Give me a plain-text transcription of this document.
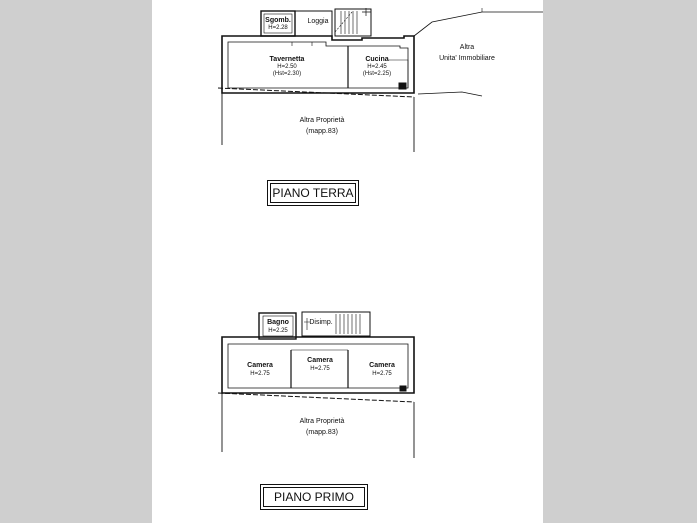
Sgomb.
H=2.28
Loggia
Tavernetta
H=2.50
(Hst=2.30)
Cucina
H=2.45
(Hst=2.25)
Altra
Unita' Immobiliare
Altra Proprietà
(mapp.83)
PIANO TERRA
Bagno
H=2.25
Disimp.
Camera
H=2.75
Camera
H=2.75	Camera
H=2.75
Altra Proprietà
(mapp.83)
PIANO PRIMO
